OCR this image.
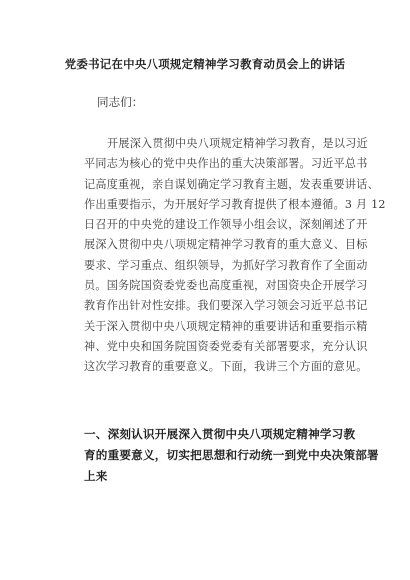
党委书记在中央八项规定精神学习教育动员会上的讲话
同志们：
开展深入贯彻中央八项规定精神学习教育，是以习近
平同志为核心的党中央作出的重大决策部署。习近平总书
记高度重视，亲自谋划确定学习教育主题，发表重要讲话、
作出重要指示，为开展好学习教育提供了根本遵循。3 月 12
日召开的中央党的建设工作领导小组会议，深刻阐述了开
展深入贯彻中央八项规定精神学习教育的重大意义、目标
要求、学习重点、组织领导，为抓好学习教育作了全面动
员。国务院国资委党委也高度重视，对国资央企开展学习
教育作出针对性安排。我们要深入学习领会习近平总书记
关于深入贯彻中央八项规定精神的重要讲话和重要指示精
神、党中央和国务院国资委党委有关部署要求，充分认识
这次学习教育的重要意义。下面，我讲三个方面的意见。
一、深刻认识开展深入贯彻中央八项规定精神学习教
育的重要意义，切实把思想和行动统一到党中央决策部署
上来
